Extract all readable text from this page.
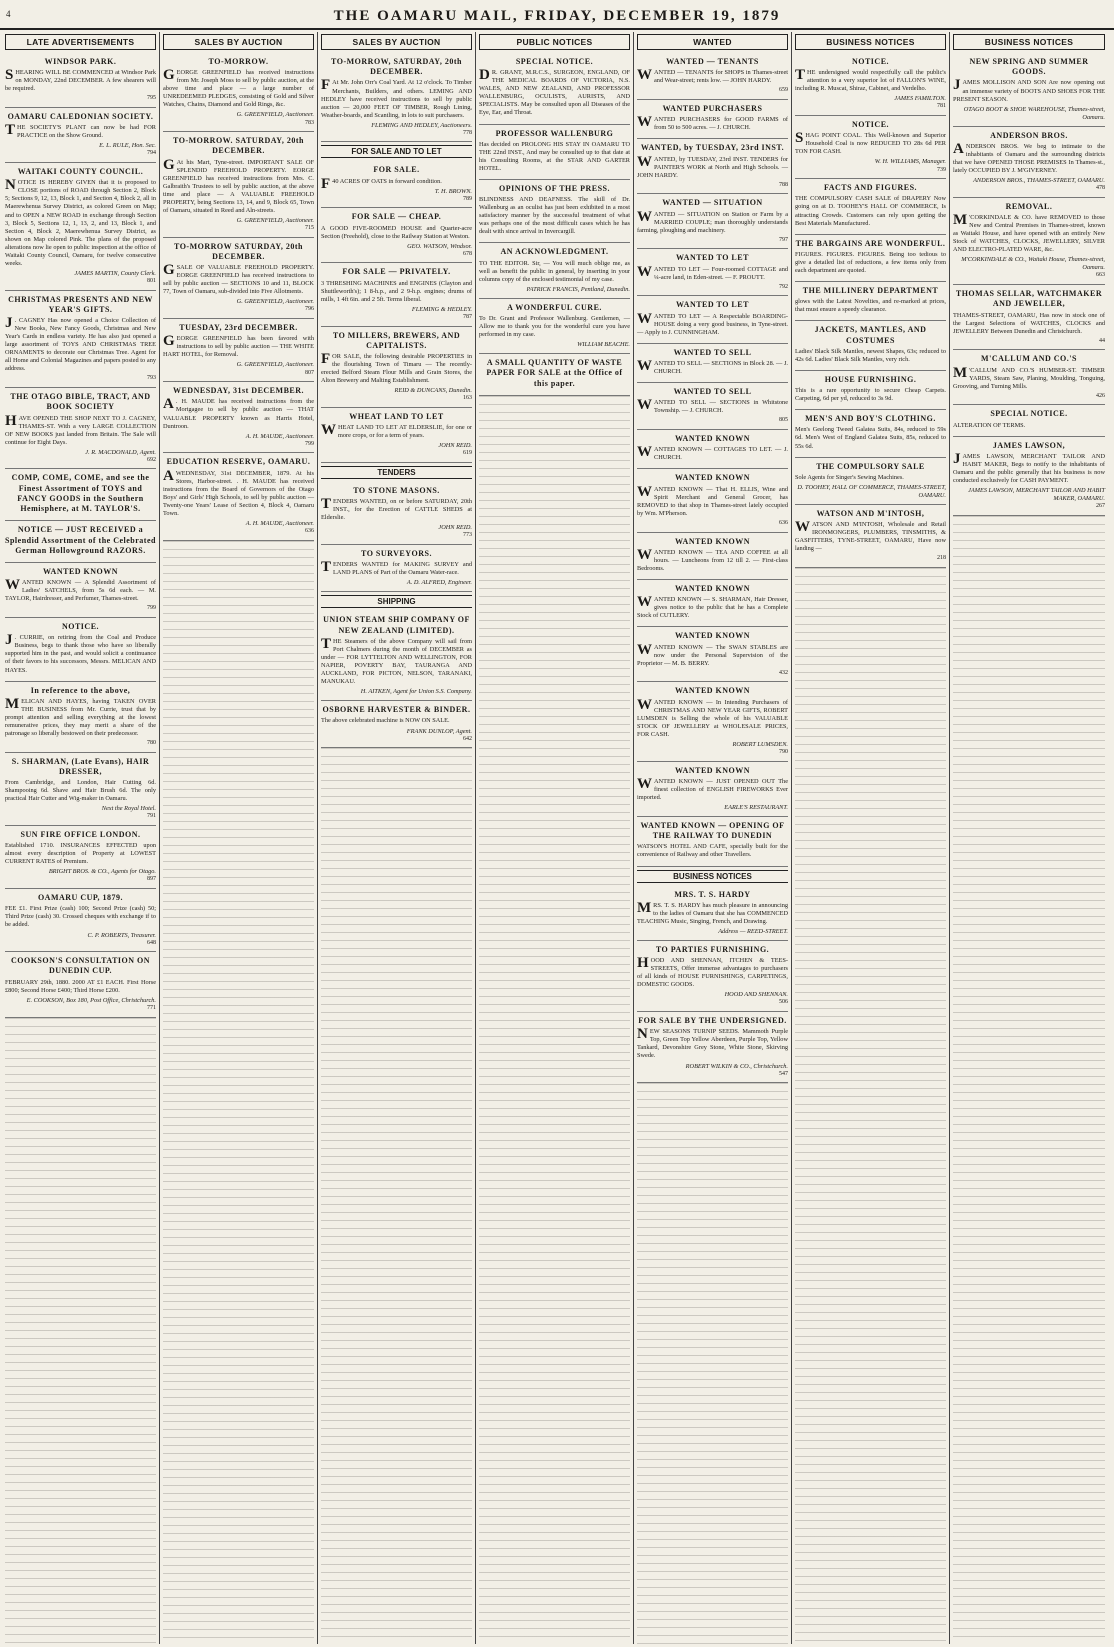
4	THE OAMARU MAIL, FRIDAY, DECEMBER 19, 1879
LATE ADVERTISEMENTS
WINDSOR PARK.

SHEARING WILL BE COMMENCED at Windsor Park on MONDAY, 22nd DECEMBER. A few shearers will be required.

795
OAMARU CALEDONIAN SOCIETY.

THE SOCIETY'S PLANT can now be had FOR PRACTICE on the Show Ground.

E. L. RULE, Hon. Sec.
794
WAITAKI COUNTY COUNCIL.

NOTICE IS HEREBY GIVEN that it is proposed to CLOSE portions of ROAD through Section 2, Block 5; Sections 9, 12, 13, Block 1, and Section 4, Block 2, all in Maerewhenua Survey District, as colored Green on Map; and to OPEN a NEW ROAD in exchange through Section 3, Block 5, Sections 12, 1, 13, 2, and 13, Block 1, and Section 4, Block 2, Maerewhenua Survey District, as shown on Map colored Pink. The plans of the proposed alterations now lie open to public inspection at the office of Waitaki County Council, Oamaru, for twelve consecutive weeks.

JAMES MARTIN, County Clerk.
801
CHRISTMAS PRESENTS AND NEW YEAR'S GIFTS.

J . CAGNEY Has now opened a Choice Collection of New Books, New Fancy Goods, Christmas and New Year's Cards in endless variety. He has also just opened a large assortment of TOYS AND CHRISTMAS TREE ORNAMENTS to decorate our Christmas Tree. Agent for all Home and Colonial Magazines and papers posted to any address.

793
THE OTAGO BIBLE, TRACT, AND BOOK SOCIETY

HAVE OPENED THE SHOP NEXT TO J. CAGNEY, THAMES-ST. With a very LARGE COLLECTION OF NEW BOOKS just landed from Britain. The Sale will continue for Eight Days.

J. R. MACDONALD, Agent.
692
COMP, COME, COME, and see the Finest Assortment of TOYS and FANCY GOODS in the Southern Hemisphere, at M. TAYLOR'S.
NOTICE — JUST RECEIVED a Splendid Assortment of the Celebrated German Hollowground RAZORS.
WANTED KNOWN

WANTED KNOWN — A Splendid Assortment of Ladies' SATCHELS, from 5s 6d each. — M. TAYLOR, Hairdresser, and Perfumer, Thames-street.

799
NOTICE.

J . CURRIE, on retiring from the Coal and Produce Business, begs to thank those who have so liberally supported him in the past, and would solicit a continuance of their favors to his successors, Messrs. MELICAN AND HAYES.

In reference to the above,

MELICAN AND HAYES, having TAKEN OVER THE BUSINESS from Mr. Currie, trust that by prompt attention and selling everything at the lowest remunerative prices, they may merit a share of the patronage so liberally bestowed on their predecessor.

780
S. SHARMAN, (Late Evans), HAIR DRESSER,

From Cambridge, and London, Hair Cutting 6d. Shampooing 6d. Shave and Hair Brush 6d. The only practical Hair Cutter and Wig-maker in Oamaru.

Next the Royal Hotel.
791
SUN FIRE OFFICE LONDON.

Established 1710. INSURANCES EFFECTED upon almost every description of Property at LOWEST CURRENT RATES of Premium.

BRIGHT BROS. & CO., Agents for Otago.
897
OAMARU CUP, 1879.

FEE £1. First Prize (cash) 100; Second Prize (cash) 50; Third Prize (cash) 30. Crossed cheques with exchange if to be added.

C. P. ROBERTS, Treasurer.
648
COOKSON'S CONSULTATION ON DUNEDIN CUP.

FEBRUARY 29th, 1880. 2000 AT £1 EACH. First Horse £800; Second Horse £400; Third Horse £200.

E. COOKSON, Box 180, Post Office, Christchurch.
771
SALES BY AUCTION
TO-MORROW.

GEORGE GREENFIELD has received instructions from Mr. Joseph Moss to sell by public auction, at the above time and place — a large number of UNREDEEMED PLEDGES, consisting of Gold and Silver Watches, Chains, Diamond and Gold Rings, &c.

G. GREENFIELD, Auctioneer.
783
TO-MORROW. SATURDAY, 20th DECEMBER.

G At his Mart, Tyne-street. IMPORTANT SALE OF SPLENDID FREEHOLD PROPERTY. EORGE GREENFIELD has received instructions from Mrs. C. Galbraith's Trustees to sell by public auction, at the above time and place — A VALUABLE FREEHOLD PROPERTY, being Sections 13, 14, and 9, Block 65, Town of Oamaru, situated in Reed and Aln-streets.

G. GREENFIELD, Auctioneer.
715
TO-MORROW SATURDAY, 20th DECEMBER.

GSALE OF VALUABLE FREEHOLD PROPERTY. EORGE GREENFIELD has received instructions to sell by public auction — SECTIONS 10 and 11, BLOCK 77, Town of Oamaru, sub-divided into Five Allotments.

G. GREENFIELD, Auctioneer.
796
TUESDAY, 23rd DECEMBER.

GEORGE GREENFIELD has been favored with instructions to sell by public auction — THE WHITE HART HOTEL, for Removal.

G. GREENFIELD, Auctioneer.
807
WEDNESDAY, 31st DECEMBER.

A . H. MAUDE has received instructions from the Mortgagee to sell by public auction — THAT VALUABLE PROPERTY known as Harris Hotel, Duntroon.

A. H. MAUDE, Auctioneer.
799
EDUCATION RESERVE, OAMARU.

AWEDNESDAY, 31st DECEMBER, 1879. At his Stores, Harbor-street. . H. MAUDE has received instructions from the Board of Governors of the Otago Boys' and Girls' High Schools, to sell by public auction — Twenty-one Years' Lease of Section 4, Block 4, Oamaru Town.

A. H. MAUDE, Auctioneer.
636
SALES BY AUCTION
TO-MORROW, SATURDAY, 20th DECEMBER.

F At Mr. John Orr's Coal Yard. At 12 o'clock. To Timber Merchants, Builders, and others. LEMING AND HEDLEY have received instructions to sell by public auction — 20,000 FEET OF TIMBER, Rough Lining, Weather-boards, and Scantling, in lots to suit purchasers.

FLEMING AND HEDLEY, Auctioneers.
778
FOR SALE AND TO LET
FOR SALE.

F 40 ACRES OF OATS in forward condition.

T. H. BROWN.
789
FOR SALE — CHEAP.

A GOOD FIVE-ROOMED HOUSE and Quarter-acre Section (Freehold), close to the Railway Station at Weston.

GEO. WATSON, Windsor.
678
FOR SALE — PRIVATELY.

3 THRESHING MACHINES and ENGINES (Clayton and Shuttleworth's); 1 8-h.p., and 2 9-h.p. engines; drums of mills, 1 4ft 6in. and 2 5ft. Terms liberal.

FLEMING & HEDLEY.
787
TO MILLERS, BREWERS, AND CAPITALISTS.

FOR SALE, the following desirable PROPERTIES in the flourishing Town of Timaru — The recently-erected Belford Steam Flour Mills and Grain Stores, the Alton Brewery and Malting Establishment.

REID & DUNCANS, Dunedin.
163
WHEAT LAND TO LET

WHEAT LAND TO LET AT ELDERSLIE, for one or more crops, or for a term of years.

JOHN REID.
619
TENDERS
TO STONE MASONS.

TENDERS WANTED, on or before SATURDAY, 20th INST., for the Erection of CATTLE SHEDS at Elderslie.

JOHN REID.
773
TO SURVEYORS.

TENDERS WANTED for MAKING SURVEY and LAND PLANS of Part of the Oamaru Water-race.

A. D. ALFRED, Engineer.
SHIPPING
UNION STEAM SHIP COMPANY OF NEW ZEALAND (LIMITED).

THE Steamers of the above Company will sail from Port Chalmers during the month of DECEMBER as under — FOR LYTTELTON AND WELLINGTON, FOR NAPIER, POVERTY BAY, TAURANGA AND AUCKLAND, FOR PICTON, NELSON, TARANAKI, MANUKAU.

H. AITKEN, Agent for Union S.S. Company.
OSBORNE HARVESTER & BINDER.

The above celebrated machine is NOW ON SALE.

FRANK DUNLOP, Agent.
642
PUBLIC NOTICES
SPECIAL NOTICE.

D R. GRANT, M.R.C.S., SURGEON, ENGLAND, OF THE MEDICAL BOARDS OF VICTORIA, N.S. WALES, AND NEW ZEALAND, AND PROFESSOR WALLENBURG, OCULISTS, AURISTS, AND SPECIALISTS. May be consulted upon all Diseases of the Eye, Ear, and Throat.

PROFESSOR WALLENBURG

Has decided on PROLONG HIS STAY IN OAMARU TO THE 22nd INST., And may be consulted up to that date at his Consulting Rooms, at the STAR AND GARTER HOTEL.

OPINIONS OF THE PRESS.

BLINDNESS AND DEAFNESS. The skill of Dr. Wallenburg as an oculist has just been exhibited in a most satisfactory manner by the successful treatment of what was perhaps one of the most difficult cases which he has dealt with since arrival in Invercargill.

AN ACKNOWLEDGMENT.

TO THE EDITOR. Sir, — You will much oblige me, as well as benefit the public in general, by inserting in your columns copy of the enclosed testimonial of my case.

PATRICK FRANCIS, Pentland, Dunedin.
A WONDERFUL CURE.

To Dr. Grant and Professor Wallenburg. Gentlemen, — Allow me to thank you for the wonderful cure you have performed in my case.

WILLIAM BEACHE.
A SMALL QUANTITY OF WASTE PAPER FOR SALE at the Office of this paper.
WANTED
WANTED — TENANTS

WANTED — TENANTS for SHOPS in Thames-street and Wear-street; rents low. — JOHN HARDY.

659
WANTED PURCHASERS

WANTED PURCHASERS for GOOD FARMS of from 50 to 500 acres. — J. CHURCH.

WANTED, by TUESDAY, 23rd INST.

WANTED, by TUESDAY, 23rd INST. TENDERS for PAINTER'S WORK at North and High Schools. — JOHN HARDY.

788
WANTED — SITUATION

WANTED — SITUATION on Station or Farm by a MARRIED COUPLE; man thoroughly understands farming, ploughing and machinery.

797
WANTED TO LET

WANTED TO LET — Four-roomed COTTAGE and ¼-acre land, in Eden-street. — F. PROUTT.

792
WANTED TO LET

WANTED TO LET — A Respectable BOARDING-HOUSE doing a very good business, in Tyne-street. — Apply to J. CUNNINGHAM.

WANTED TO SELL

WANTED TO SELL — SECTIONS in Block 28. — J. CHURCH.

WANTED TO SELL

WANTED TO SELL — SECTIONS in Whitstone Township. — J. CHURCH.

805
WANTED KNOWN

WANTED KNOWN — COTTAGES TO LET. — J. CHURCH.

WANTED KNOWN

WANTED KNOWN — That H. ELLIS, Wine and Spirit Merchant and General Grocer, has REMOVED to that shop in Thames-street lately occupied by Wm. M'Pherson.

636
WANTED KNOWN

WANTED KNOWN — TEA AND COFFEE at all hours. — Luncheons from 12 till 2. — First-class Bedrooms.

WANTED KNOWN

WANTED KNOWN — S. SHARMAN, Hair Dresser, gives notice to the public that he has a Complete Stock of CUTLERY.

WANTED KNOWN

WANTED KNOWN — The SWAN STABLES are now under the Personal Supervision of the Proprietor — M. B. BERRY.

432
WANTED KNOWN

WANTED KNOWN — In Intending Purchasers of CHRISTMAS AND NEW YEAR GIFTS, ROBERT LUMSDEN is Selling the whole of his VALUABLE STOCK OF JEWELLERY at WHOLESALE PRICES, FOR CASH.

ROBERT LUMSDEN.
790
WANTED KNOWN

WANTED KNOWN — JUST OPENED OUT The finest collection of ENGLISH FIREWORKS Ever imported.

EARLE'S RESTAURANT.
WANTED KNOWN — OPENING OF THE RAILWAY TO DUNEDIN

WATSON'S HOTEL AND CAFE, specially built for the convenience of Railway and other Travellers.

BUSINESS NOTICES
MRS. T. S. HARDY

MRS. T. S. HARDY has much pleasure in announcing to the ladies of Oamaru that she has COMMENCED TEACHING Music, Singing, French, and Drawing.

Address — REED-STREET.
TO PARTIES FURNISHING.

HOOD AND SHENNAN, ITCHEN & TEES-STREETS, Offer immense advantages to purchasers of all kinds of HOUSE FURNISHINGS, CARPETINGS, DOMESTIC GOODS.

HOOD AND SHENNAN.
506
FOR SALE BY THE UNDERSIGNED.

NEW SEASONS TURNIP SEEDS. Mammoth Purple Top, Green Top Yellow Aberdeen, Purple Top, Yellow Tankard, Devonshire Grey Stone, White Stone, Skirving Swede.

ROBERT WILKIN & CO., Christchurch.
547
BUSINESS NOTICES
NOTICE.

THE undersigned would respectfully call the public's attention to a very superior lot of FALLON'S WINE, including R. Muscat, Shiraz, Cabinet, and Verdelho.

JAMES FAMILTON.
781
NOTICE.

SHAG POINT COAL. This Well-known and Superior Household Coal is now REDUCED TO 28s 6d PER TON FOR CASH.

W. H. WILLIAMS, Manager.
739
FACTS AND FIGURES.

THE COMPULSORY CASH SALE of DRAPERY Now going on at D. TOOHEY'S HALL OF COMMERCE, Is attracting Crowds. Customers can rely upon getting the Best Materials Manufactured.

THE BARGAINS ARE WONDERFUL.

FIGURES. FIGURES. FIGURES. Being too tedious to give a detailed list of reductions, a few items only from each department are quoted.

THE MILLINERY DEPARTMENT

glows with the Latest Novelties, and re-marked at prices, that must ensure a speedy clearance.

JACKETS, MANTLES, AND COSTUMES

Ladies' Black Silk Mantles, newest Shapes, 63s; reduced to 42s 6d. Ladies' Black Silk Mantles, very rich.

HOUSE FURNISHING.

This is a rare opportunity to secure Cheap Carpets. Carpeting, 6d per yd, reduced to 3s 9d.

MEN'S AND BOY'S CLOTHING.

Men's Geelong Tweed Galatea Suits, 84s, reduced to 59s 6d. Men's West of England Galatea Suits, 85s, reduced to 55s 6d.

THE COMPULSORY SALE

Sole Agents for Singer's Sewing Machines.

D. TOOHEY, HALL OF COMMERCE, THAMES-STREET, OAMARU.
WATSON AND M'INTOSH,

WATSON AND M'INTOSH, Wholesale and Retail IRONMONGERS, PLUMBERS, TINSMITHS, & GASFITTERS, TYNE-STREET, OAMARU, Have now landing —

218
BUSINESS NOTICES
NEW SPRING AND SUMMER GOODS.

JAMES MOLLISON AND SON Are now opening out an immense variety of BOOTS AND SHOES FOR THE PRESENT SEASON.

OTAGO BOOT & SHOE WAREHOUSE, Thames-street, Oamaru.
ANDERSON BROS.

ANDERSON BROS. We beg to intimate to the inhabitants of Oamaru and the surrounding districts that we have OPENED THOSE PREMISES In Thames-st., lately OCCUPIED BY J. M'GIVERNEY.

ANDERSON BROS., THAMES-STREET, OAMARU.
478
REMOVAL.

M 'CORKINDALE & CO. have REMOVED to those New and Central Premises in Thames-street, known as Waitaki House, and have opened with an entirely New Stock of WATCHES, CLOCKS, JEWELLERY, SILVER AND ELECTRO-PLATED WARE, &c.

M'CORKINDALE & CO., Waitaki House, Thames-street, Oamaru.
663
THOMAS SELLAR, WATCHMAKER AND JEWELLER,

THAMES-STREET, OAMARU, Has now in stock one of the Largest Selections of WATCHES, CLOCKS and JEWELLERY Between Dunedin and Christchurch.

44
M'CALLUM AND CO.'S

M 'CALLUM AND CO.'S HUMBER-ST. TIMBER YARDS, Steam Saw, Planing, Moulding, Tonguing, Grooving, and Turning Mills.

426
SPECIAL NOTICE.

ALTERATION OF TERMS.

JAMES LAWSON,

JAMES LAWSON, MERCHANT TAILOR AND HABIT MAKER, Begs to notify to the inhabitants of Oamaru and the public generally that his business is now conducted exclusively for CASH PAYMENT.

JAMES LAWSON, MERCHANT TAILOR AND HABIT MAKER, OAMARU.
267
